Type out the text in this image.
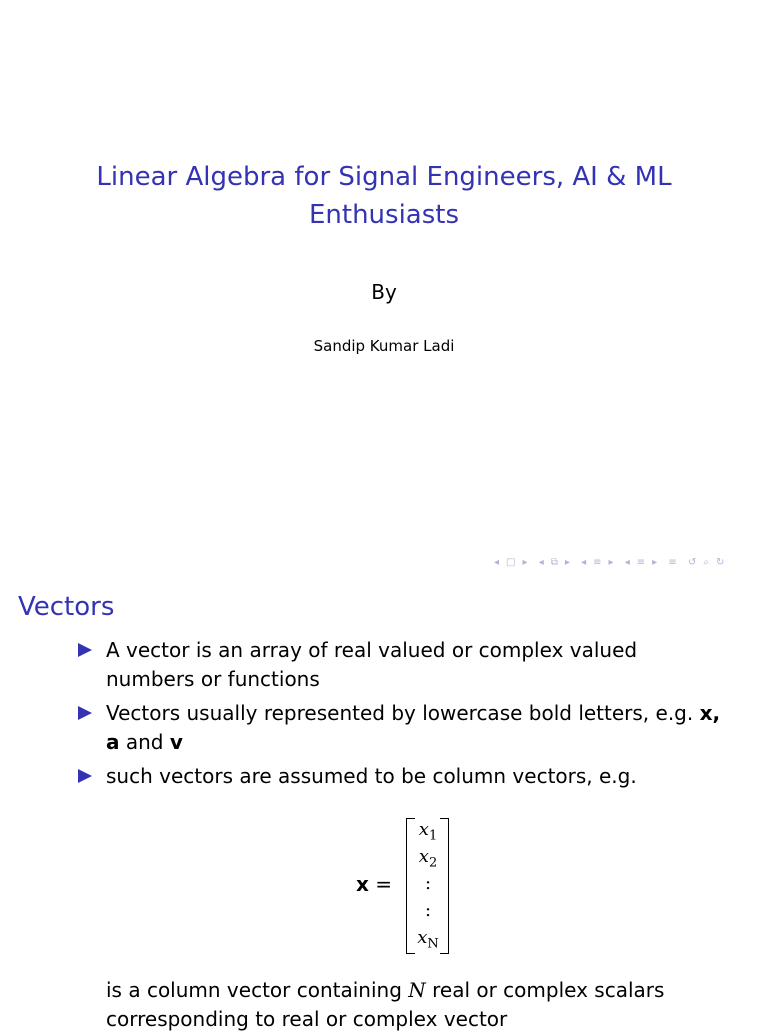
Linear Algebra for Signal Engineers, AI & ML
Enthusiasts
By
Sandip Kumar Ladi
◂ □ ▸ ◂ ⧉ ▸ ◂ ≡ ▸ ◂ ≡ ▸ ≡ ↺ ⌕ ↻
Vectors
A vector is an array of real valued or complex valued numbers or functions
Vectors usually represented by lowercase bold letters, e.g. x, a and v
such vectors are assumed to be column vectors, e.g.
x =
$x_1$
$x_2$
:
:
$x_N$
is a column vector containing N real or complex scalars corresponding to real or complex vector
